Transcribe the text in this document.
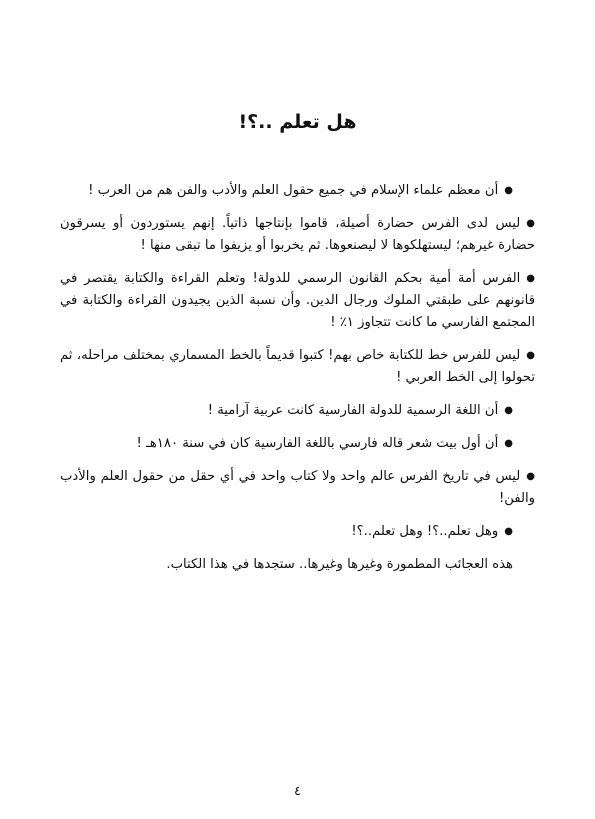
هل تعلم ..؟!
●أن معظم علماء الإسلام في جميع حقول العلم والأدب والفن هم من العرب !
●ليس لدى الفرس حضارة أصيلة، قاموا بإنتاجها ذاتياً. إنهم يستوردون أو يسرقون حضارة غيرهم؛ ليستهلكوها لا ليصنعوها. ثم يخربوا أو يزيفوا ما تبقى منها !
●الفرس أمة أمية بحكم القانون الرسمي للدولة! وتعلم القراءة والكتابة يقتصر في قانونهم على طبقتي الملوك ورجال الدين. وأن نسبة الذين يجيدون القراءة والكتابة في المجتمع الفارسي ما كانت تتجاوز ١٪ !
●ليس للفرس خط للكتابة خاص بهم! كتبوا قديماً بالخط المسماري بمختلف مراحله، ثم تحولوا إلى الخط العربي !
●أن اللغة الرسمية للدولة الفارسية كانت عربية آرامية !
●أن أول بيت شعر قاله فارسي باللغة الفارسية كان في سنة ١٨٠هـ !
●ليس في تاريخ الفرس عالم واحد ولا كتاب واحد في أي حقل من حقول العلم والأدب والفن!
●وهل تعلم..؟! وهل تعلم..؟!
هذه العجائب المطمورة وغيرها وغيرها.. ستجدها في هذا الكتاب.
٤
